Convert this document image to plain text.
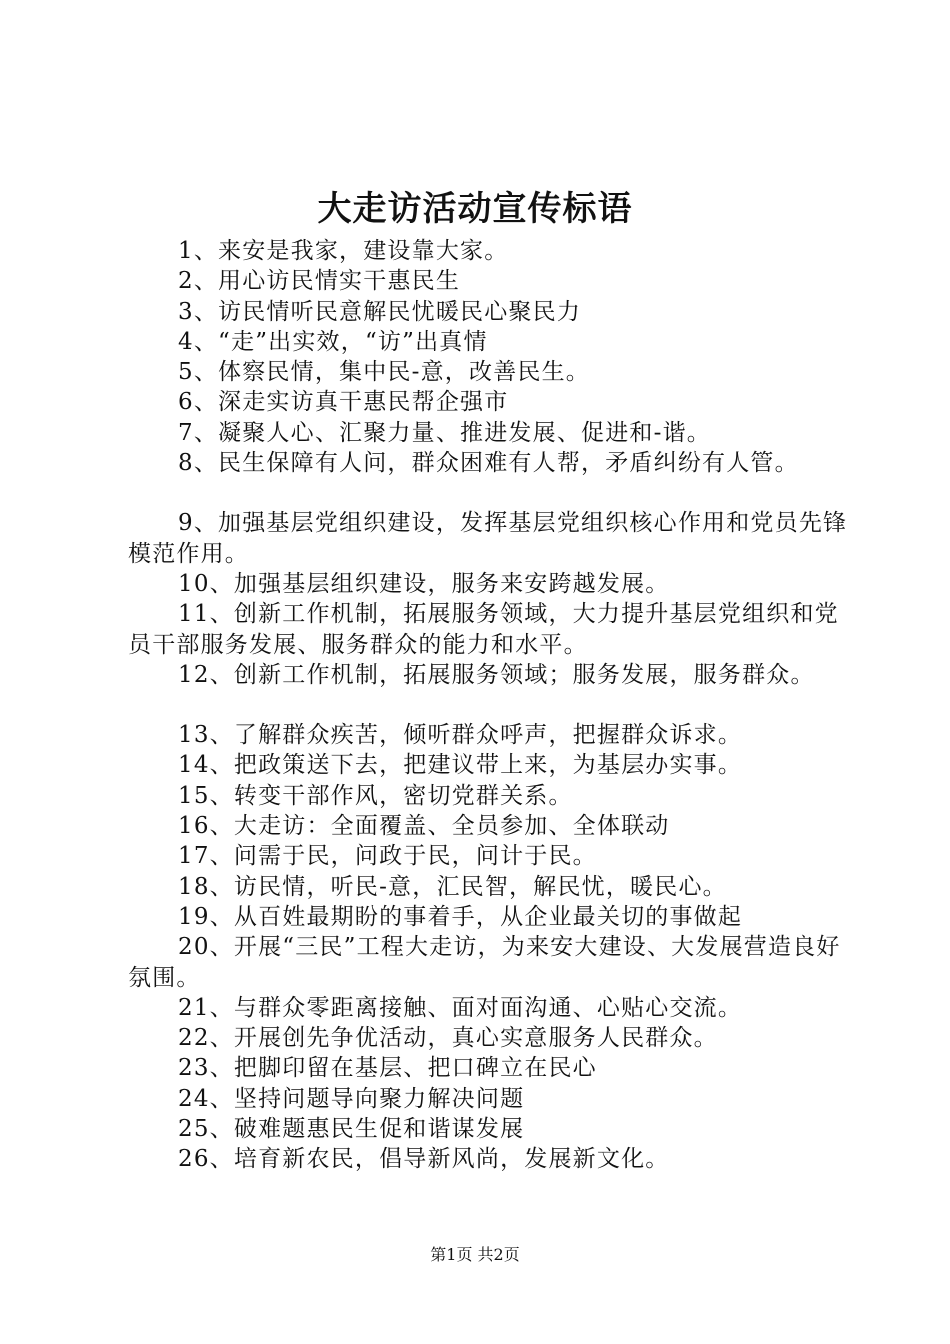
大走访活动宣传标语

1、来安是我家，建设靠大家。

2、用心访民情实干惠民生

3、访民情听民意解民忧暖民心聚民力

4、“走”出实效，“访”出真情

5、体察民情，集中民-意，改善民生。

6、深走实访真干惠民帮企强市

7、凝聚人心、汇聚力量、推进发展、促进和-谐。

8、民生保障有人问，群众困难有人帮，矛盾纠纷有人管。

9、加强基层党组织建设，发挥基层党组织核心作用和党员先锋模范作用。

10、加强基层组织建设，服务来安跨越发展。

11、创新工作机制，拓展服务领域，大力提升基层党组织和党员干部服务发展、服务群众的能力和水平。

12、创新工作机制，拓展服务领域；服务发展，服务群众。

13、了解群众疾苦，倾听群众呼声，把握群众诉求。

14、把政策送下去，把建议带上来，为基层办实事。

15、转变干部作风，密切党群关系。

16、大走访：全面覆盖、全员参加、全体联动

17、问需于民，问政于民，问计于民。

18、访民情，听民-意，汇民智，解民忧，暖民心。

19、从百姓最期盼的事着手，从企业最关切的事做起

20、开展“三民”工程大走访，为来安大建设、大发展营造良好氛围。

21、与群众零距离接触、面对面沟通、心贴心交流。

22、开展创先争优活动，真心实意服务人民群众。

23、把脚印留在基层、把口碑立在民心

24、坚持问题导向聚力解决问题

25、破难题惠民生促和谐谋发展

26、培育新农民，倡导新风尚，发展新文化。

第1页 共2页
